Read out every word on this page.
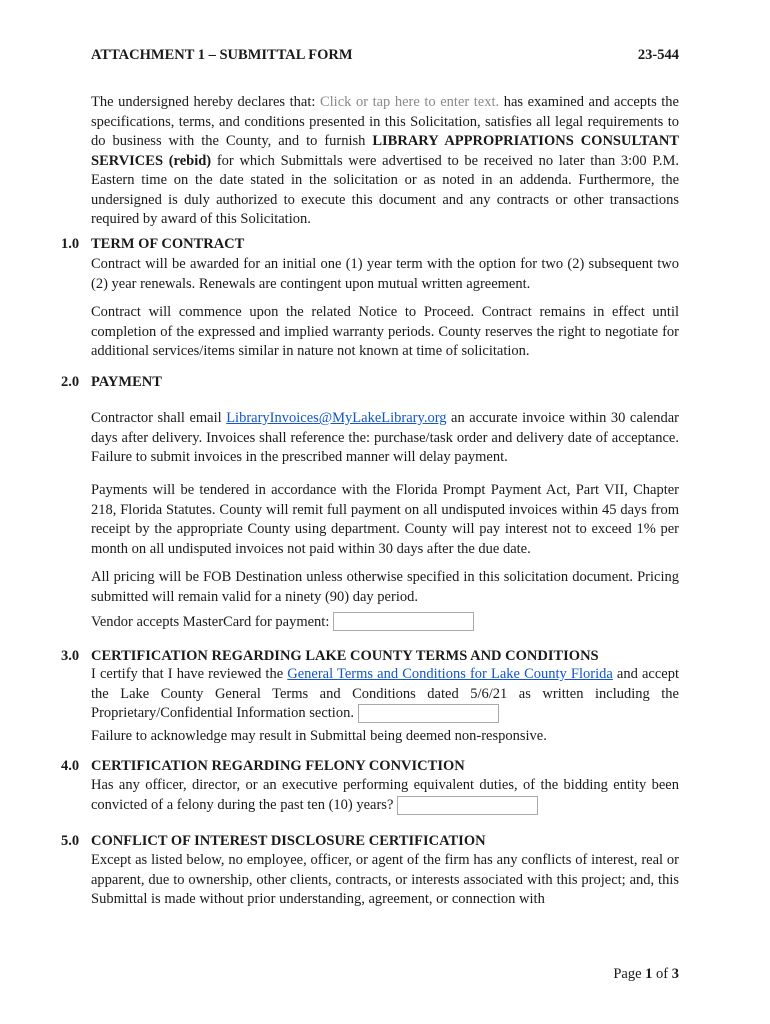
ATTACHMENT 1 – SUBMITTAL FORM	23-544

The undersigned hereby declares that: Click or tap here to enter text. has examined and accepts the specifications, terms, and conditions presented in this Solicitation, satisfies all legal requirements to do business with the County, and to furnish LIBRARY APPROPRIATIONS CONSULTANT SERVICES (rebid) for which Submittals were advertised to be received no later than 3:00 P.M. Eastern time on the date stated in the solicitation or as noted in an addenda. Furthermore, the undersigned is duly authorized to execute this document and any contracts or other transactions required by award of this Solicitation.

1.0 TERM OF CONTRACT

Contract will be awarded for an initial one (1) year term with the option for two (2) subsequent two (2) year renewals. Renewals are contingent upon mutual written agreement.

Contract will commence upon the related Notice to Proceed. Contract remains in effect until completion of the expressed and implied warranty periods. County reserves the right to negotiate for additional services/items similar in nature not known at time of solicitation.

2.0 PAYMENT

Contractor shall email LibraryInvoices@MyLakeLibrary.org an accurate invoice within 30 calendar days after delivery. Invoices shall reference the: purchase/task order and delivery date of acceptance. Failure to submit invoices in the prescribed manner will delay payment.

Payments will be tendered in accordance with the Florida Prompt Payment Act, Part VII, Chapter 218, Florida Statutes. County will remit full payment on all undisputed invoices within 45 days from receipt by the appropriate County using department. County will pay interest not to exceed 1% per month on all undisputed invoices not paid within 30 days after the due date.

All pricing will be FOB Destination unless otherwise specified in this solicitation document. Pricing submitted will remain valid for a ninety (90) day period.

Vendor accepts MasterCard for payment:

3.0 CERTIFICATION REGARDING LAKE COUNTY TERMS AND CONDITIONS

I certify that I have reviewed the General Terms and Conditions for Lake County Florida and accept the Lake County General Terms and Conditions dated 5/6/21 as written including the Proprietary/Confidential Information section.

Failure to acknowledge may result in Submittal being deemed non-responsive.

4.0 CERTIFICATION REGARDING FELONY CONVICTION

Has any officer, director, or an executive performing equivalent duties, of the bidding entity been convicted of a felony during the past ten (10) years?

5.0 CONFLICT OF INTEREST DISCLOSURE CERTIFICATION

Except as listed below, no employee, officer, or agent of the firm has any conflicts of interest, real or apparent, due to ownership, other clients, contracts, or interests associated with this project; and, this Submittal is made without prior understanding, agreement, or connection with

Page 1 of 3
